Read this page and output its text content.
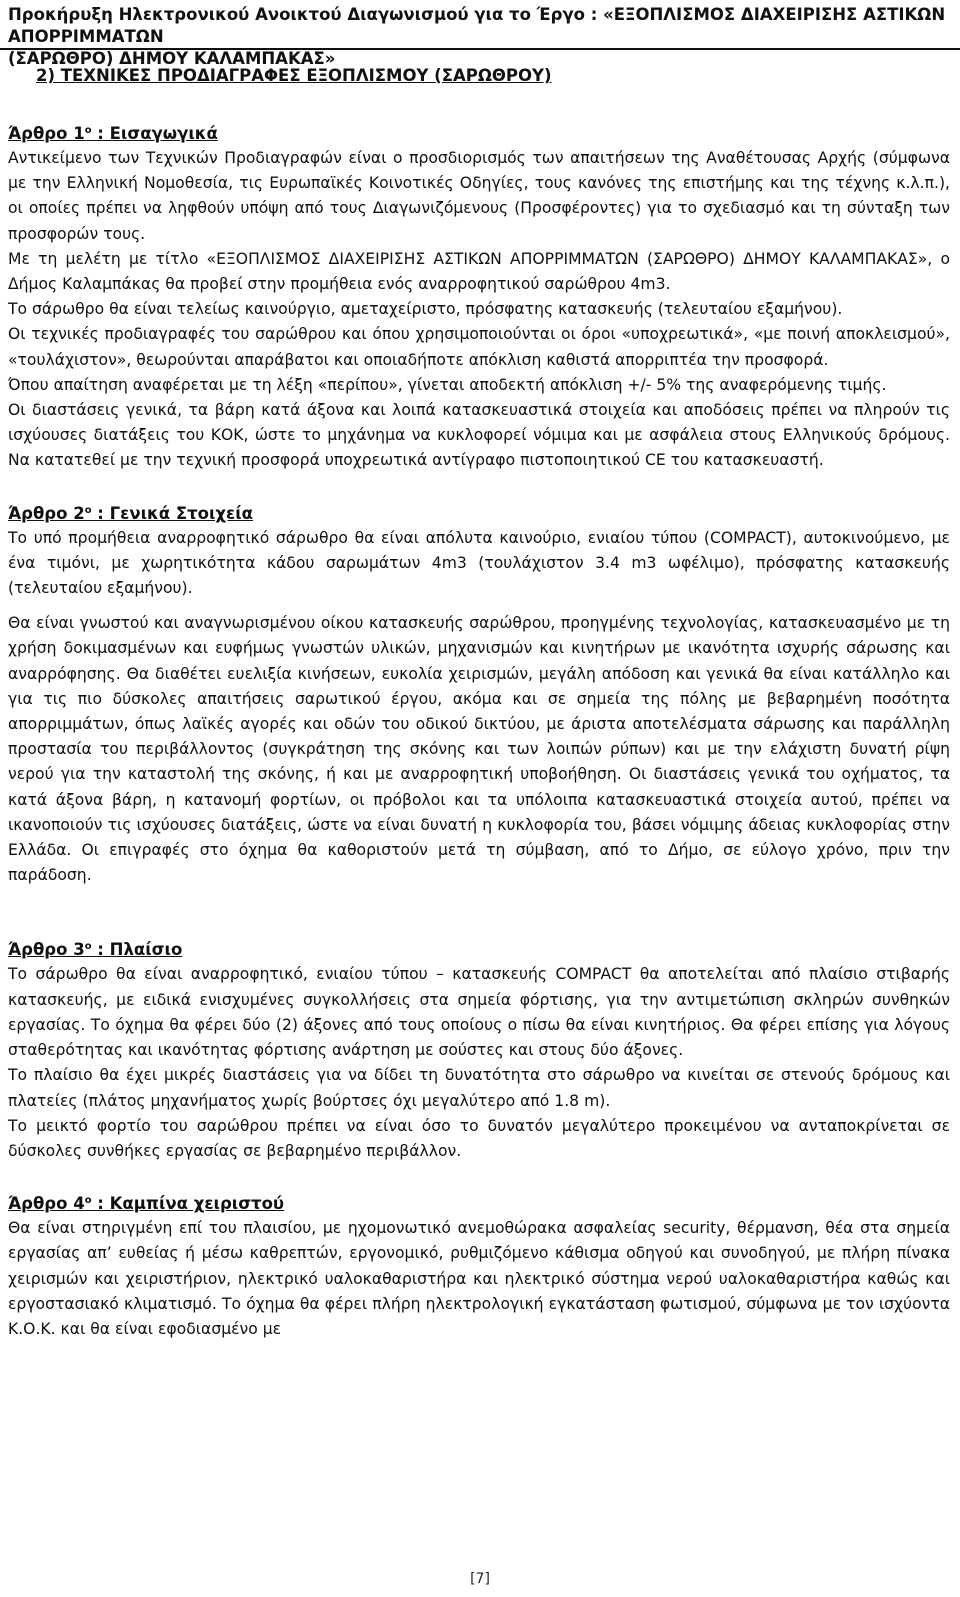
Προκήρυξη Ηλεκτρονικού Ανοικτού Διαγωνισμού για το Έργο : «ΕΞΟΠΛΙΣΜΟΣ ΔΙΑΧΕΙΡΙΣΗΣ ΑΣΤΙΚΩΝ ΑΠΟΡΡΙΜΜΑΤΩΝ
(ΣΑΡΩΘΡΟ) ΔΗΜΟΥ ΚΑΛΑΜΠΑΚΑΣ»
2) ΤΕΧΝΙΚΕΣ ΠΡΟΔΙΑΓΡΑΦΕΣ ΕΞΟΠΛΙΣΜΟΥ (ΣΑΡΩΘΡΟΥ)
Άρθρο $1^o$ : Εισαγωγικά

Αντικείμενο των Τεχνικών Προδιαγραφών είναι ο προσδιορισμός των απαιτήσεων της Αναθέτουσας Αρχής (σύμφωνα με την Ελληνική Νομοθεσία, τις Ευρωπαϊκές Κοινοτικές Οδηγίες, τους κανόνες της επιστήμης και της τέχνης κ.λ.π.), οι οποίες πρέπει να ληφθούν υπόψη από τους Διαγωνιζόμενους (Προσφέροντες) για το σχεδιασμό και τη σύνταξη των προσφορών τους.

Με τη μελέτη με τίτλο «ΕΞΟΠΛΙΣΜΟΣ ΔΙΑΧΕΙΡΙΣΗΣ ΑΣΤΙΚΩΝ ΑΠΟΡΡΙΜΜΑΤΩΝ (ΣΑΡΩΘΡΟ) ΔΗΜΟΥ ΚΑΛΑΜΠΑΚΑΣ», ο Δήμος Καλαμπάκας θα προβεί στην προμήθεια ενός αναρροφητικού σαρώθρου 4m3.

Το σάρωθρο θα είναι τελείως καινούργιο, αμεταχείριστο, πρόσφατης κατασκευής (τελευταίου εξαμήνου).

Οι τεχνικές προδιαγραφές του σαρώθρου και όπου χρησιμοποιούνται οι όροι «υποχρεωτικά», «με ποινή αποκλεισμού», «τουλάχιστον», θεωρούνται απαράβατοι και οποιαδήποτε απόκλιση καθιστά απορριπτέα την προσφορά.

Όπου απαίτηση αναφέρεται με τη λέξη «περίπου», γίνεται αποδεκτή απόκλιση +/- 5% της αναφερόμενης τιμής.

Οι διαστάσεις γενικά, τα βάρη κατά άξονα και λοιπά κατασκευαστικά στοιχεία και αποδόσεις πρέπει να πληρούν τις ισχύουσες διατάξεις του ΚΟΚ, ώστε το μηχάνημα να κυκλοφορεί νόμιμα και με ασφάλεια στους Ελληνικούς δρόμους. Να κατατεθεί με την τεχνική προσφορά υποχρεωτικά αντίγραφο πιστοποιητικού CE του κατασκευαστή.

Άρθρο $2^o$ : Γενικά Στοιχεία

Το υπό προμήθεια αναρροφητικό σάρωθρο θα είναι απόλυτα καινούριο, ενιαίου τύπου (COMPACT), αυτοκινούμενο, με ένα τιμόνι, με χωρητικότητα κάδου σαρωμάτων 4m3 (τουλάχιστον 3.4 m3 ωφέλιμο), πρόσφατης κατασκευής (τελευταίου εξαμήνου).

Θα είναι γνωστού και αναγνωρισμένου οίκου κατασκευής σαρώθρου, προηγμένης τεχνολογίας, κατασκευασμένο με τη χρήση δοκιμασμένων και ευφήμως γνωστών υλικών, μηχανισμών και κινητήρων με ικανότητα ισχυρής σάρωσης και αναρρόφησης. Θα διαθέτει ευελιξία κινήσεων, ευκολία χειρισμών, μεγάλη απόδοση και γενικά θα είναι κατάλληλο και για τις πιο δύσκολες απαιτήσεις σαρωτικού έργου, ακόμα και σε σημεία της πόλης με βεβαρημένη ποσότητα απορριμμάτων, όπως λαϊκές αγορές και οδών του οδικού δικτύου, με άριστα αποτελέσματα σάρωσης και παράλληλη προστασία του περιβάλλοντος (συγκράτηση της σκόνης και των λοιπών ρύπων) και με την ελάχιστη δυνατή ρίψη νερού για την καταστολή της σκόνης, ή και με αναρροφητική υποβοήθηση. Οι διαστάσεις γενικά του οχήματος, τα κατά άξονα βάρη, η κατανομή φορτίων, οι πρόβολοι και τα υπόλοιπα κατασκευαστικά στοιχεία αυτού, πρέπει να ικανοποιούν τις ισχύουσες διατάξεις, ώστε να είναι δυνατή η κυκλοφορία του, βάσει νόμιμης άδειας κυκλοφορίας στην Ελλάδα. Οι επιγραφές στο όχημα θα καθοριστούν μετά τη σύμβαση, από το Δήμο, σε εύλογο χρόνο, πριν την παράδοση.

Άρθρο $3^o$ : Πλαίσιο

Το σάρωθρο θα είναι αναρροφητικό, ενιαίου τύπου – κατασκευής COMPACT θα αποτελείται από πλαίσιο στιβαρής κατασκευής, με ειδικά ενισχυμένες συγκολλήσεις στα σημεία φόρτισης, για την αντιμετώπιση σκληρών συνθηκών εργασίας. Το όχημα θα φέρει δύο (2) άξονες από τους οποίους ο πίσω θα είναι κινητήριος. Θα φέρει επίσης για λόγους σταθερότητας και ικανότητας φόρτισης ανάρτηση με σούστες και στους δύο άξονες.

Το πλαίσιο θα έχει μικρές διαστάσεις για να δίδει τη δυνατότητα στο σάρωθρο να κινείται σε στενούς δρόμους και πλατείες (πλάτος μηχανήματος χωρίς βούρτσες όχι μεγαλύτερο από 1.8 m).

Το μεικτό φορτίο του σαρώθρου πρέπει να είναι όσο το δυνατόν μεγαλύτερο προκειμένου να ανταποκρίνεται σε δύσκολες συνθήκες εργασίας σε βεβαρημένο περιβάλλον.

Άρθρο $4^o$ : Καμπίνα χειριστού

Θα είναι στηριγμένη επί του πλαισίου, με ηχομονωτικό ανεμοθώρακα ασφαλείας security, θέρμανση, θέα στα σημεία εργασίας απ’ ευθείας ή μέσω καθρεπτών, εργονομικό, ρυθμιζόμενο κάθισμα οδηγού και συνοδηγού, με πλήρη πίνακα χειρισμών και χειριστήριον, ηλεκτρικό υαλοκαθαριστήρα και ηλεκτρικό σύστημα νερού υαλοκαθαριστήρα καθώς και εργοστασιακό κλιματισμό. Το όχημα θα φέρει πλήρη ηλεκτρολογική εγκατάσταση φωτισμού, σύμφωνα με τον ισχύοντα Κ.Ο.Κ. και θα είναι εφοδιασμένο με

[7]
